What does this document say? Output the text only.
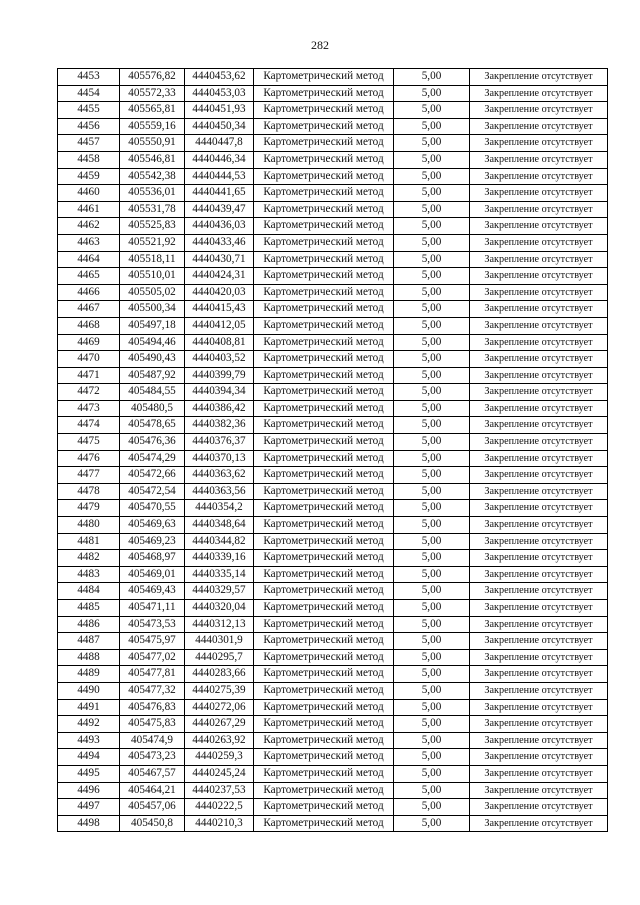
282
4453	405576,82	4440453,62	Картометрический метод	5,00	Закрепление отсутствует
4454	405572,33	4440453,03	Картометрический метод	5,00	Закрепление отсутствует
4455	405565,81	4440451,93	Картометрический метод	5,00	Закрепление отсутствует
4456	405559,16	4440450,34	Картометрический метод	5,00	Закрепление отсутствует
4457	405550,91	4440447,8	Картометрический метод	5,00	Закрепление отсутствует
4458	405546,81	4440446,34	Картометрический метод	5,00	Закрепление отсутствует
4459	405542,38	4440444,53	Картометрический метод	5,00	Закрепление отсутствует
4460	405536,01	4440441,65	Картометрический метод	5,00	Закрепление отсутствует
4461	405531,78	4440439,47	Картометрический метод	5,00	Закрепление отсутствует
4462	405525,83	4440436,03	Картометрический метод	5,00	Закрепление отсутствует
4463	405521,92	4440433,46	Картометрический метод	5,00	Закрепление отсутствует
4464	405518,11	4440430,71	Картометрический метод	5,00	Закрепление отсутствует
4465	405510,01	4440424,31	Картометрический метод	5,00	Закрепление отсутствует
4466	405505,02	4440420,03	Картометрический метод	5,00	Закрепление отсутствует
4467	405500,34	4440415,43	Картометрический метод	5,00	Закрепление отсутствует
4468	405497,18	4440412,05	Картометрический метод	5,00	Закрепление отсутствует
4469	405494,46	4440408,81	Картометрический метод	5,00	Закрепление отсутствует
4470	405490,43	4440403,52	Картометрический метод	5,00	Закрепление отсутствует
4471	405487,92	4440399,79	Картометрический метод	5,00	Закрепление отсутствует
4472	405484,55	4440394,34	Картометрический метод	5,00	Закрепление отсутствует
4473	405480,5	4440386,42	Картометрический метод	5,00	Закрепление отсутствует
4474	405478,65	4440382,36	Картометрический метод	5,00	Закрепление отсутствует
4475	405476,36	4440376,37	Картометрический метод	5,00	Закрепление отсутствует
4476	405474,29	4440370,13	Картометрический метод	5,00	Закрепление отсутствует
4477	405472,66	4440363,62	Картометрический метод	5,00	Закрепление отсутствует
4478	405472,54	4440363,56	Картометрический метод	5,00	Закрепление отсутствует
4479	405470,55	4440354,2	Картометрический метод	5,00	Закрепление отсутствует
4480	405469,63	4440348,64	Картометрический метод	5,00	Закрепление отсутствует
4481	405469,23	4440344,82	Картометрический метод	5,00	Закрепление отсутствует
4482	405468,97	4440339,16	Картометрический метод	5,00	Закрепление отсутствует
4483	405469,01	4440335,14	Картометрический метод	5,00	Закрепление отсутствует
4484	405469,43	4440329,57	Картометрический метод	5,00	Закрепление отсутствует
4485	405471,11	4440320,04	Картометрический метод	5,00	Закрепление отсутствует
4486	405473,53	4440312,13	Картометрический метод	5,00	Закрепление отсутствует
4487	405475,97	4440301,9	Картометрический метод	5,00	Закрепление отсутствует
4488	405477,02	4440295,7	Картометрический метод	5,00	Закрепление отсутствует
4489	405477,81	4440283,66	Картометрический метод	5,00	Закрепление отсутствует
4490	405477,32	4440275,39	Картометрический метод	5,00	Закрепление отсутствует
4491	405476,83	4440272,06	Картометрический метод	5,00	Закрепление отсутствует
4492	405475,83	4440267,29	Картометрический метод	5,00	Закрепление отсутствует
4493	405474,9	4440263,92	Картометрический метод	5,00	Закрепление отсутствует
4494	405473,23	4440259,3	Картометрический метод	5,00	Закрепление отсутствует
4495	405467,57	4440245,24	Картометрический метод	5,00	Закрепление отсутствует
4496	405464,21	4440237,53	Картометрический метод	5,00	Закрепление отсутствует
4497	405457,06	4440222,5	Картометрический метод	5,00	Закрепление отсутствует
4498	405450,8	4440210,3	Картометрический метод	5,00	Закрепление отсутствует
